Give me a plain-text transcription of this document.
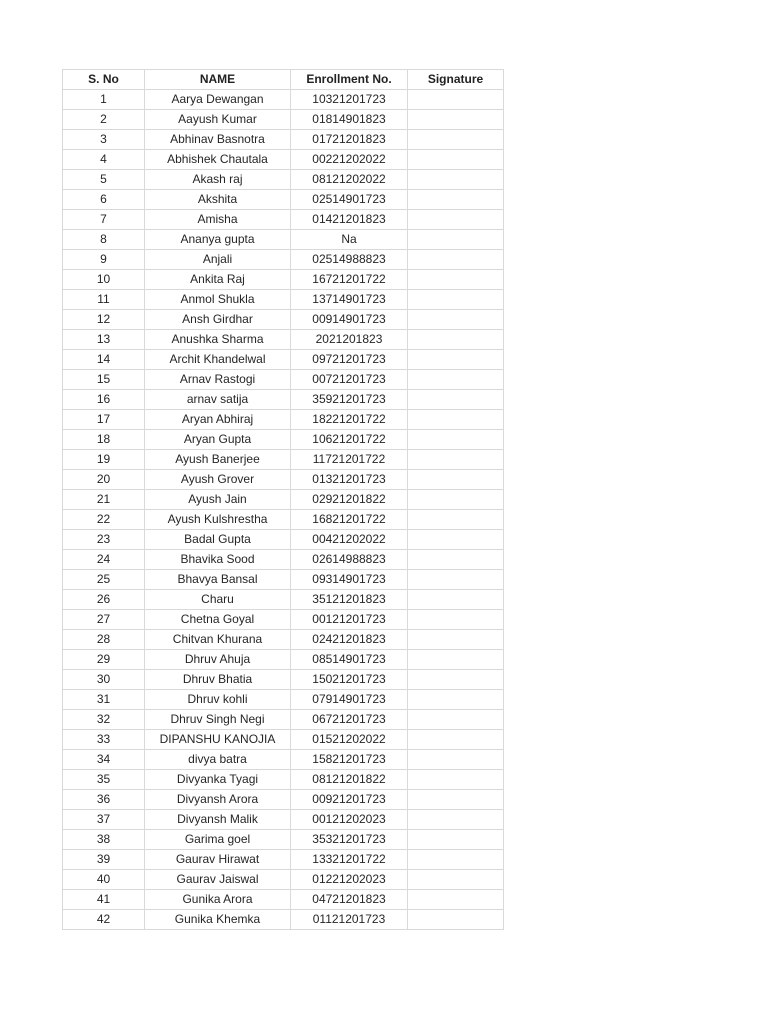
S. No	NAME	Enrollment No.	Signature
1	Aarya Dewangan	10321201723	
2	Aayush Kumar	01814901823	
3	Abhinav Basnotra	01721201823	
4	Abhishek Chautala	00221202022	
5	Akash raj	08121202022	
6	Akshita	02514901723	
7	Amisha	01421201823	
8	Ananya gupta	Na	
9	Anjali	02514988823	
10	Ankita Raj	16721201722	
11	Anmol Shukla	13714901723	
12	Ansh Girdhar	00914901723	
13	Anushka Sharma	2021201823	
14	Archit Khandelwal	09721201723	
15	Arnav Rastogi	00721201723	
16	arnav satija	35921201723	
17	Aryan Abhiraj	18221201722	
18	Aryan Gupta	10621201722	
19	Ayush Banerjee	11721201722	
20	Ayush Grover	01321201723	
21	Ayush Jain	02921201822	
22	Ayush Kulshrestha	16821201722	
23	Badal Gupta	00421202022	
24	Bhavika Sood	02614988823	
25	Bhavya Bansal	09314901723	
26	Charu	35121201823	
27	Chetna Goyal	00121201723	
28	Chitvan Khurana	02421201823	
29	Dhruv Ahuja	08514901723	
30	Dhruv Bhatia	15021201723	
31	Dhruv kohli	07914901723	
32	Dhruv Singh Negi	06721201723	
33	DIPANSHU KANOJIA	01521202022	
34	divya batra	15821201723	
35	Divyanka Tyagi	08121201822	
36	Divyansh Arora	00921201723	
37	Divyansh Malik	00121202023	
38	Garima goel	35321201723	
39	Gaurav Hirawat	13321201722	
40	Gaurav Jaiswal	01221202023	
41	Gunika Arora	04721201823	
42	Gunika Khemka	01121201723	
